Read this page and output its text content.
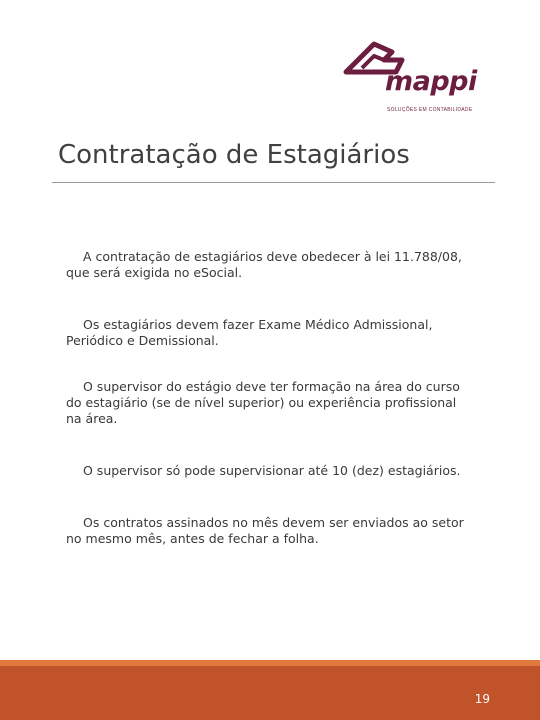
mappi
SOLUÇÕES EM CONTABILIDADE
Contratação de Estagiários

A contratação de estagiários deve obedecer à lei 11.788/08, que será exigida no eSocial.

Os estagiários devem fazer Exame Médico Admissional, Periódico e Demissional.

O supervisor do estágio deve ter formação na área do curso do estagiário (se de nível superior) ou experiência profissional na área.

O supervisor só pode supervisionar até 10 (dez) estagiários.

Os contratos assinados no mês devem ser enviados ao setor no mesmo mês, antes de fechar a folha.

19
